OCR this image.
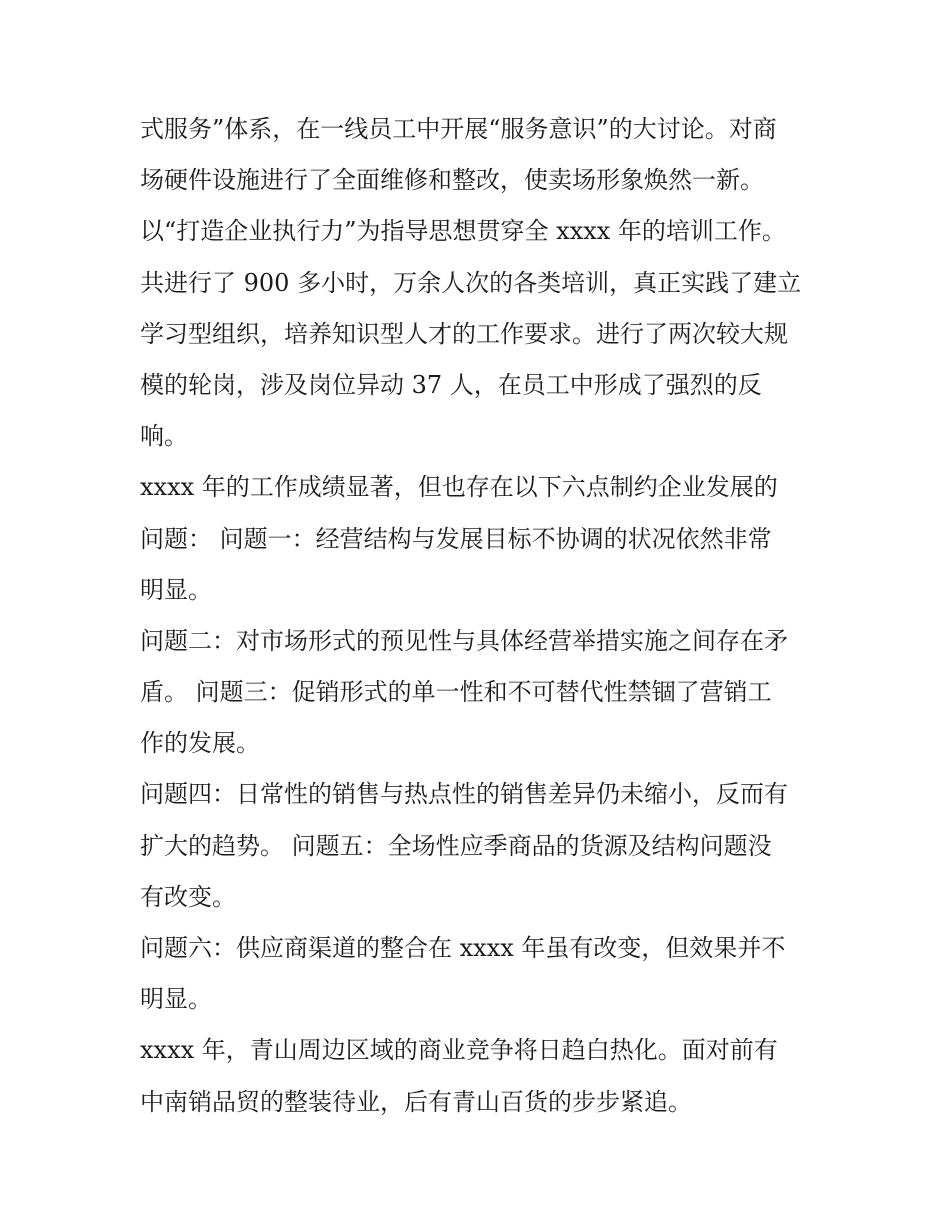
式服务”体系，在一线员工中开展“服务意识”的大讨论。对商
场硬件设施进行了全面维修和整改，使卖场形象焕然一新。
以“打造企业执行力”为指导思想贯穿全 xxxx 年的培训工作。
共进行了 900 多小时，万余人次的各类培训，真正实践了建立
学习型组织，培养知识型人才的工作要求。进行了两次较大规
模的轮岗，涉及岗位异动 37 人，在员工中形成了强烈的反
响。
xxxx 年的工作成绩显著，但也存在以下六点制约企业发展的
问题： 问题一：经营结构与发展目标不协调的状况依然非常
明显。
问题二：对市场形式的预见性与具体经营举措实施之间存在矛
盾。 问题三：促销形式的单一性和不可替代性禁锢了营销工
作的发展。
问题四：日常性的销售与热点性的销售差异仍未缩小，反而有
扩大的趋势。 问题五：全场性应季商品的货源及结构问题没
有改变。
问题六：供应商渠道的整合在 xxxx 年虽有改变，但效果并不
明显。
xxxx 年，青山周边区域的商业竞争将日趋白热化。面对前有
中南销品贸的整装待业，后有青山百货的步步紧追。
